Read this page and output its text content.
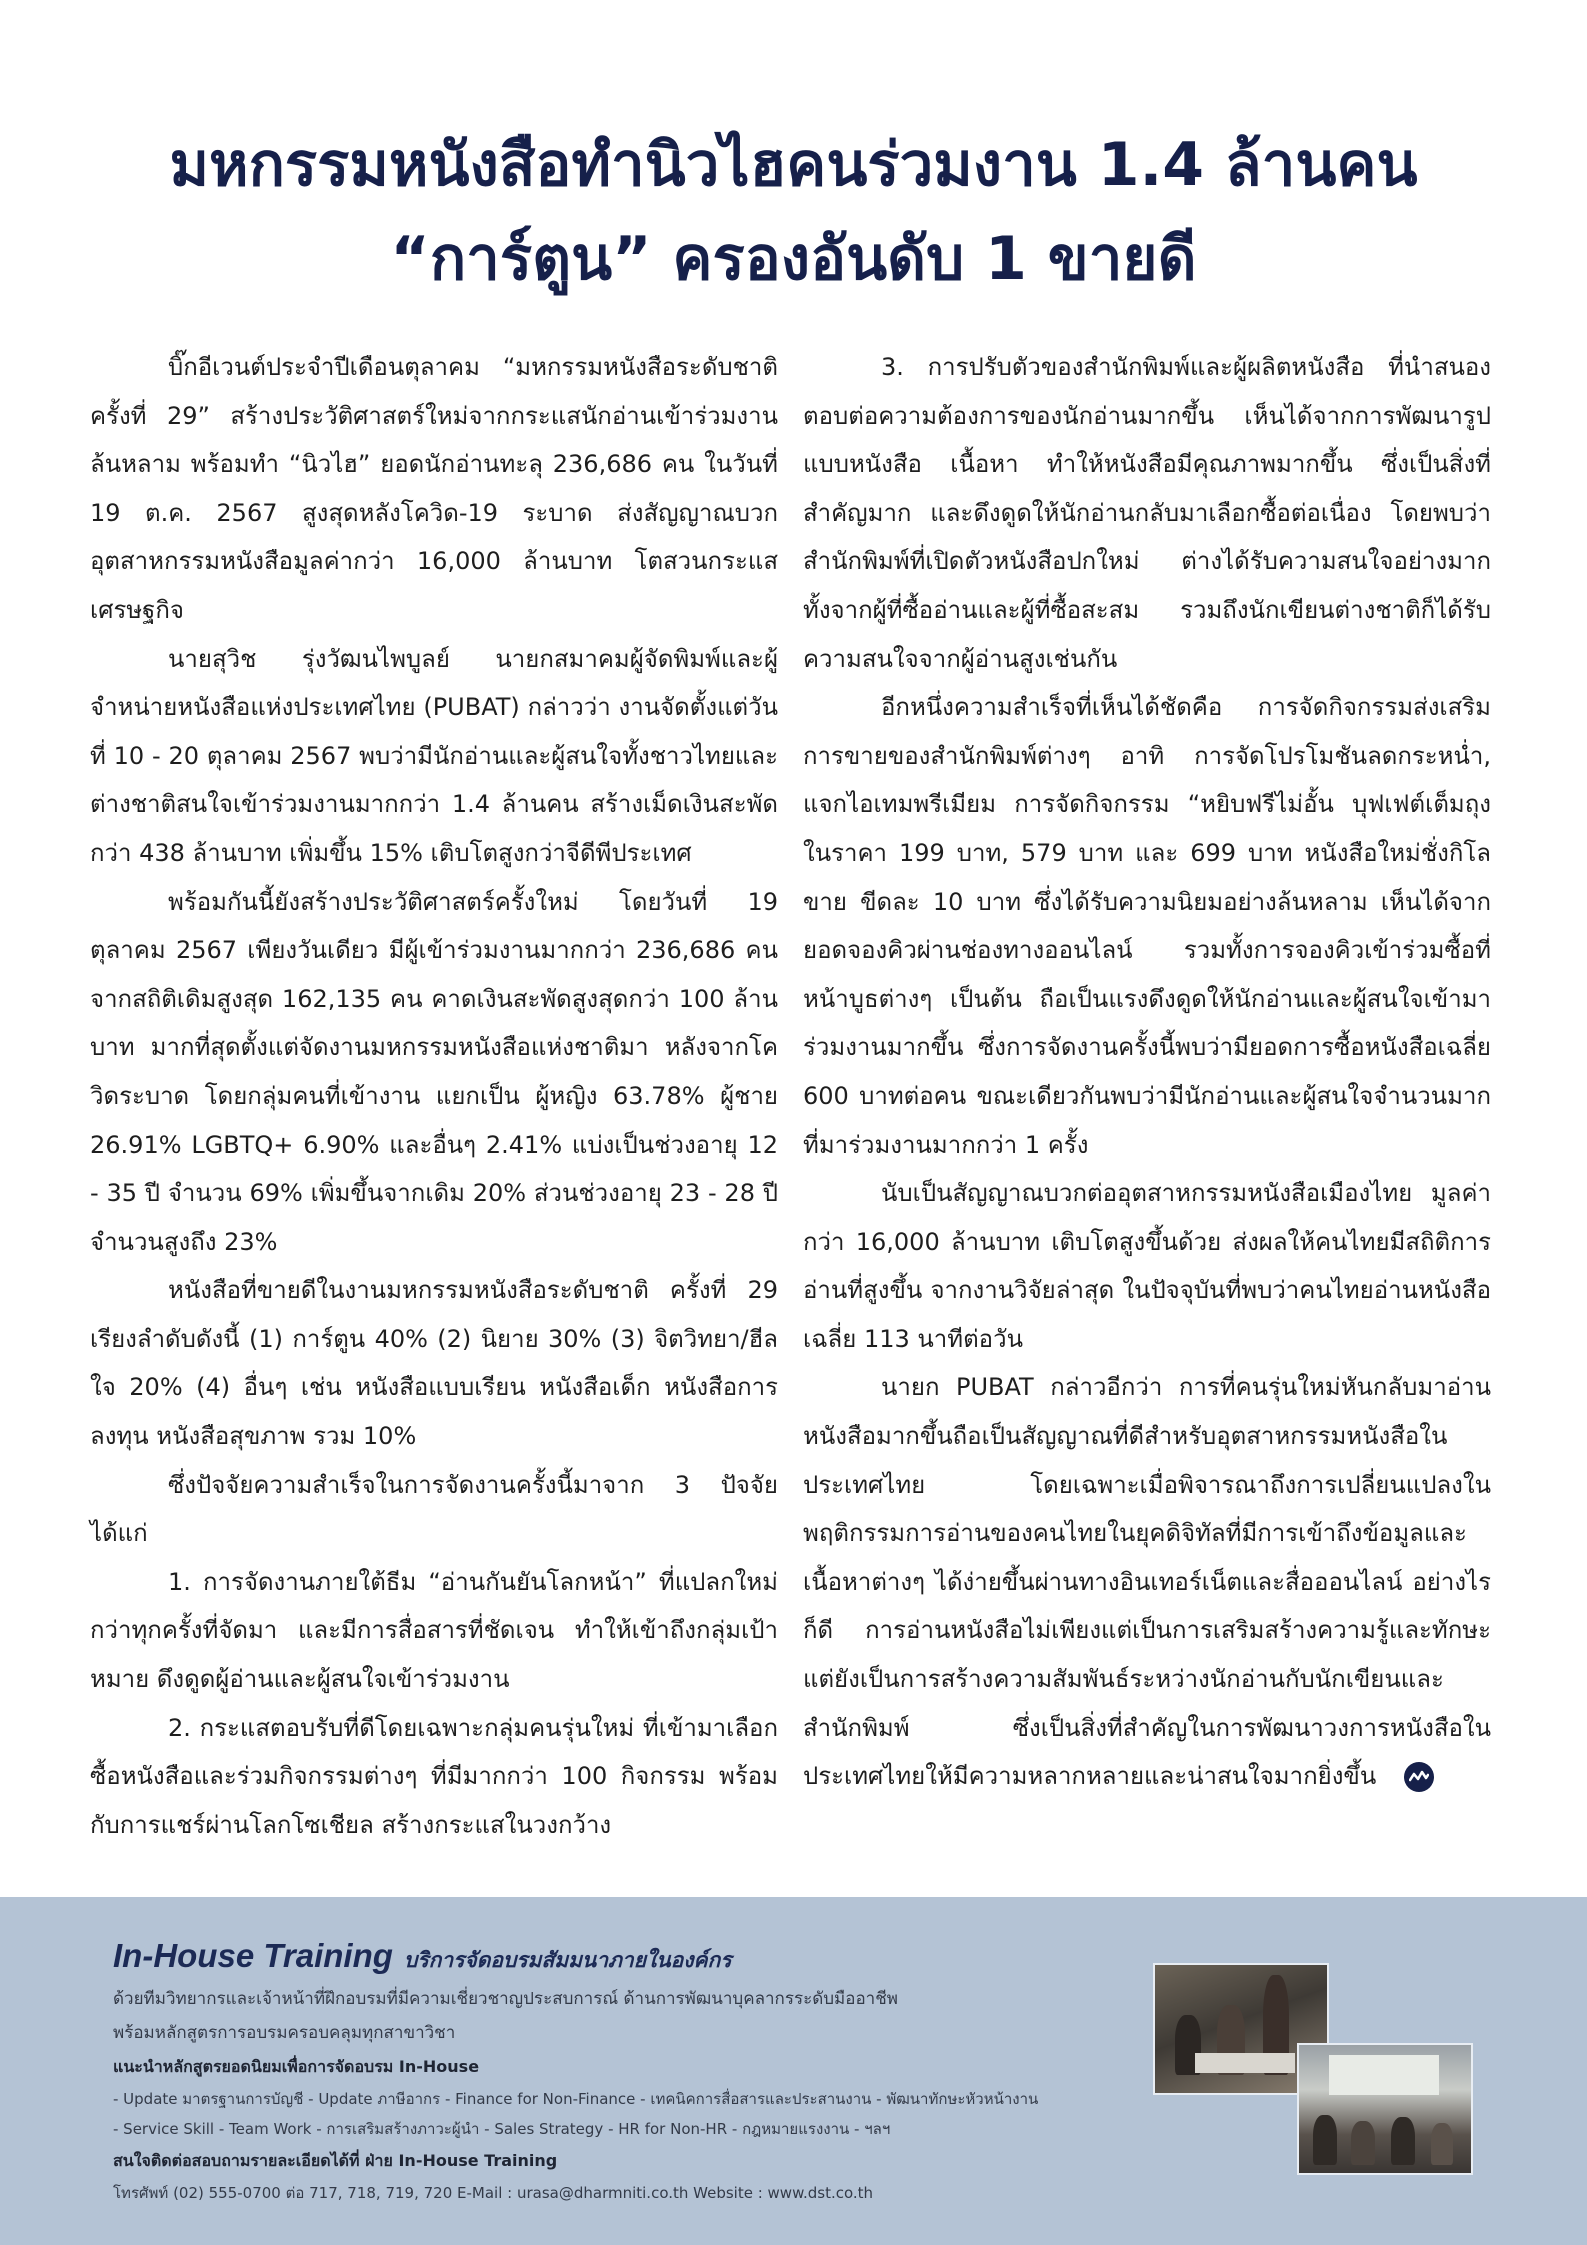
มหกรรมหนังสือทำนิวไฮคนร่วมงาน 1.4 ล้านคน
“การ์ตูน” ครองอันดับ 1 ขายดี

บิ๊กอีเวนต์ประจำปีเดือนตุลาคม “มหกรรมหนังสือระดับชาติ ครั้งที่ 29” สร้างประวัติศาสตร์ใหม่จากกระแสนักอ่านเข้าร่วมงานล้นหลาม พร้อมทำ “นิวไฮ” ยอดนักอ่านทะลุ 236,686 คน ในวันที่ 19 ต.ค. 2567 สูงสุดหลังโควิด-19 ระบาด ส่งสัญญาณบวกอุตสาหกรรมหนังสือมูลค่ากว่า 16,000 ล้านบาท โตสวนกระแสเศรษฐกิจ

นายสุวิช รุ่งวัฒนไพบูลย์ นายกสมาคมผู้จัดพิมพ์และผู้จำหน่ายหนังสือแห่งประเทศไทย (PUBAT) กล่าวว่า งานจัดตั้งแต่วันที่ 10 - 20 ตุลาคม 2567 พบว่ามีนักอ่านและผู้สนใจทั้งชาวไทยและต่างชาติสนใจเข้าร่วมงานมากกว่า 1.4 ล้านคน สร้างเม็ดเงินสะพัดกว่า 438 ล้านบาท เพิ่มขึ้น 15% เติบโตสูงกว่าจีดีพีประเทศ

พร้อมกันนี้ยังสร้างประวัติศาสตร์ครั้งใหม่ โดยวันที่ 19 ตุลาคม 2567 เพียงวันเดียว มีผู้เข้าร่วมงานมากกว่า 236,686 คน จากสถิติเดิมสูงสุด 162,135 คน คาดเงินสะพัดสูงสุดกว่า 100 ล้านบาท มากที่สุดตั้งแต่จัดงานมหกรรมหนังสือแห่งชาติมา หลังจากโควิดระบาด โดยกลุ่มคนที่เข้างาน แยกเป็น ผู้หญิง 63.78% ผู้ชาย 26.91% LGBTQ+ 6.90% และอื่นๆ 2.41% แบ่งเป็นช่วงอายุ 12 - 35 ปี จำนวน 69% เพิ่มขึ้นจากเดิม 20% ส่วนช่วงอายุ 23 - 28 ปี จำนวนสูงถึง 23%

หนังสือที่ขายดีในงานมหกรรมหนังสือระดับชาติ ครั้งที่ 29 เรียงลำดับดังนี้ (1) การ์ตูน 40% (2) นิยาย 30% (3) จิตวิทยา/ฮีลใจ 20% (4) อื่นๆ เช่น หนังสือแบบเรียน หนังสือเด็ก หนังสือการลงทุน หนังสือสุขภาพ รวม 10%

ซึ่งปัจจัยความสำเร็จในการจัดงานครั้งนี้มาจาก 3 ปัจจัย ได้แก่

1. การจัดงานภายใต้ธีม “อ่านกันยันโลกหน้า” ที่แปลกใหม่กว่าทุกครั้งที่จัดมา และมีการสื่อสารที่ชัดเจน ทำให้เข้าถึงกลุ่มเป้าหมาย ดึงดูดผู้อ่านและผู้สนใจเข้าร่วมงาน

2. กระแสตอบรับที่ดีโดยเฉพาะกลุ่มคนรุ่นใหม่ ที่เข้ามาเลือกซื้อหนังสือและร่วมกิจกรรมต่างๆ ที่มีมากกว่า 100 กิจกรรม พร้อมกับการแชร์ผ่านโลกโซเชียล สร้างกระแสในวงกว้าง

3. การปรับตัวของสำนักพิมพ์และผู้ผลิตหนังสือ ที่นำสนองตอบต่อความต้องการของนักอ่านมากขึ้น เห็นได้จากการพัฒนารูปแบบหนังสือ เนื้อหา ทำให้หนังสือมีคุณภาพมากขึ้น ซึ่งเป็นสิ่งที่สำคัญมาก และดึงดูดให้นักอ่านกลับมาเลือกซื้อต่อเนื่อง โดยพบว่า สำนักพิมพ์ที่เปิดตัวหนังสือปกใหม่ ต่างได้รับความสนใจอย่างมาก ทั้งจากผู้ที่ซื้ออ่านและผู้ที่ซื้อสะสม รวมถึงนักเขียนต่างชาติก็ได้รับความสนใจจากผู้อ่านสูงเช่นกัน

อีกหนึ่งความสำเร็จที่เห็นได้ชัดคือ การจัดกิจกรรมส่งเสริมการขายของสำนักพิมพ์ต่างๆ อาทิ การจัดโปรโมชันลดกระหน่ำ, แจกไอเทมพรีเมียม การจัดกิจกรรม “หยิบฟรีไม่อั้น บุฟเฟต์เต็มถุง ในราคา 199 บาท, 579 บาท และ 699 บาท หนังสือใหม่ชั่งกิโลขาย ขีดละ 10 บาท ซึ่งได้รับความนิยมอย่างล้นหลาม เห็นได้จากยอดจองคิวผ่านช่องทางออนไลน์ รวมทั้งการจองคิวเข้าร่วมซื้อที่หน้าบูธต่างๆ เป็นต้น ถือเป็นแรงดึงดูดให้นักอ่านและผู้สนใจเข้ามาร่วมงานมากขึ้น ซึ่งการจัดงานครั้งนี้พบว่ามียอดการซื้อหนังสือเฉลี่ย 600 บาทต่อคน ขณะเดียวกันพบว่ามีนักอ่านและผู้สนใจจำนวนมากที่มาร่วมงานมากกว่า 1 ครั้ง

นับเป็นสัญญาณบวกต่ออุตสาหกรรมหนังสือเมืองไทย มูลค่ากว่า 16,000 ล้านบาท เติบโตสูงขึ้นด้วย ส่งผลให้คนไทยมีสถิติการอ่านที่สูงขึ้น จากงานวิจัยล่าสุด ในปัจจุบันที่พบว่าคนไทยอ่านหนังสือเฉลี่ย 113 นาทีต่อวัน

นายก PUBAT กล่าวอีกว่า การที่คนรุ่นใหม่หันกลับมาอ่านหนังสือมากขึ้นถือเป็นสัญญาณที่ดีสำหรับอุตสาหกรรมหนังสือในประเทศไทย โดยเฉพาะเมื่อพิจารณาถึงการเปลี่ยนแปลงในพฤติกรรมการอ่านของคนไทยในยุคดิจิทัลที่มีการเข้าถึงข้อมูลและเนื้อหาต่างๆ ได้ง่ายขึ้นผ่านทางอินเทอร์เน็ตและสื่อออนไลน์ อย่างไรก็ดี การอ่านหนังสือไม่เพียงแต่เป็นการเสริมสร้างความรู้และทักษะ แต่ยังเป็นการสร้างความสัมพันธ์ระหว่างนักอ่านกับนักเขียนและสำนักพิมพ์ ซึ่งเป็นสิ่งที่สำคัญในการพัฒนาวงการหนังสือในประเทศไทยให้มีความหลากหลายและน่าสนใจมากยิ่งขึ้น

In-House Training บริการจัดอบรมสัมมนาภายในองค์กร
ด้วยทีมวิทยากรและเจ้าหน้าที่ฝึกอบรมที่มีความเชี่ยวชาญประสบการณ์ ด้านการพัฒนาบุคลากรระดับมืออาชีพ
พร้อมหลักสูตรการอบรมครอบคลุมทุกสาขาวิชา
แนะนำหลักสูตรยอดนิยมเพื่อการจัดอบรม In-House
- Update มาตรฐานการบัญชี - Update ภาษีอากร - Finance for Non-Finance - เทคนิคการสื่อสารและประสานงาน - พัฒนาทักษะหัวหน้างาน
- Service Skill - Team Work - การเสริมสร้างภาวะผู้นำ - Sales Strategy - HR for Non-HR - กฎหมายแรงงาน - ฯลฯ
สนใจติดต่อสอบถามรายละเอียดได้ที่ ฝ่าย In-House Training
โทรศัพท์ (02) 555-0700 ต่อ 717, 718, 719, 720 E-Mail : urasa@dharmniti.co.th Website : www.dst.co.th
